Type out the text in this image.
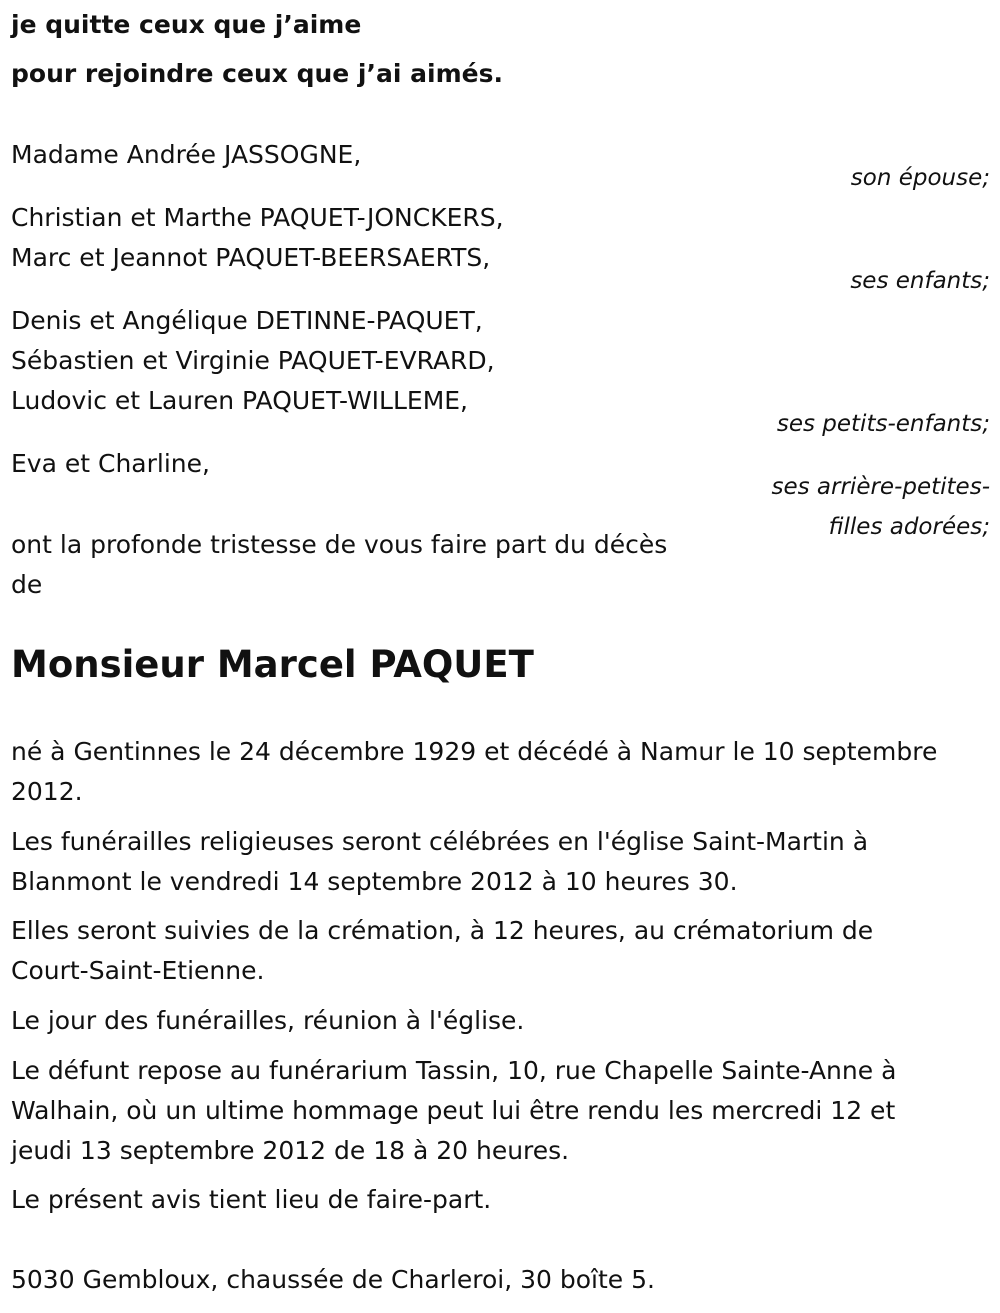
je quitte ceux que j’aime
pour rejoindre ceux que j’ai aimés.
Madame Andrée JASSOGNE,
son épouse;
Christian et Marthe PAQUET-JONCKERS,
Marc et Jeannot PAQUET-BEERSAERTS,
ses enfants;
Denis et Angélique DETINNE-PAQUET,
Sébastien et Virginie PAQUET-EVRARD,
Ludovic et Lauren PAQUET-WILLEME,
ses petits-enfants;
Eva et Charline,
ses arrière-petites-
filles adorées;
ont la profonde tristesse de vous faire part du décès
de
Monsieur Marcel PAQUET
né à Gentinnes le 24 décembre 1929 et décédé à Namur le 10 septembre
2012.
Les funérailles religieuses seront célébrées en l'église Saint-Martin à
Blanmont le vendredi 14 septembre 2012 à 10 heures 30.
Elles seront suivies de la crémation, à 12 heures, au crématorium de
Court-Saint-Etienne.
Le jour des funérailles, réunion à l'église.
Le défunt repose au funérarium Tassin, 10, rue Chapelle Sainte-Anne à
Walhain, où un ultime hommage peut lui être rendu les mercredi 12 et
jeudi 13 septembre 2012 de 18 à 20 heures.
Le présent avis tient lieu de faire-part.
5030 Gembloux, chaussée de Charleroi, 30 boîte 5.
